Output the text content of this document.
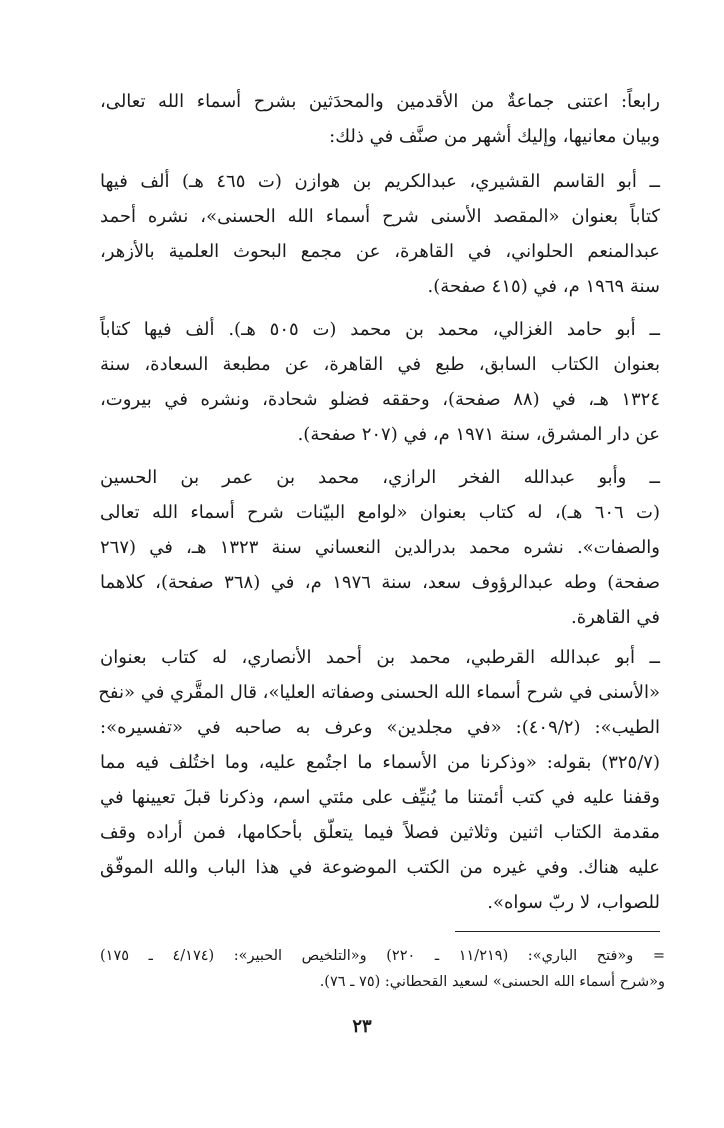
رابعاً: اعتنى جماعةٌ من الأقدمين والمحدَثين بشرح أسماء الله تعالى،
وبيان معانيها، وإليك أشهر من صنَّف في ذلك:
ــ أبو القاسم القشيري، عبدالكريم بن هوازن (ت ٤٦٥ هـ) ألف فيها
كتاباً بعنوان «المقصد الأسنى شرح أسماء الله الحسنى»، نشره أحمد
عبدالمنعم الحلواني، في القاهرة، عن مجمع البحوث العلمية بالأزهر،
سنة ١٩٦٩ م، في (٤١٥ صفحة).
ــ أبو حامد الغزالي، محمد بن محمد (ت ٥٠٥ هـ). ألف فيها كتاباً
بعنوان الكتاب السابق، طبع في القاهرة، عن مطبعة السعادة، سنة
١٣٢٤ هـ، في (٨٨ صفحة)، وحققه فضلو شحادة، ونشره في بيروت،
عن دار المشرق، سنة ١٩٧١ م، في (٢٠٧ صفحة).
ــ وأبو عبدالله الفخر الرازي، محمد بن عمر بن الحسين
(ت ٦٠٦ هـ)، له كتاب بعنوان «لوامع البيّنات شرح أسماء الله تعالى
والصفات». نشره محمد بدرالدين النعساني سنة ١٣٢٣ هـ، في (٢٦٧
صفحة) وطه عبدالرؤوف سعد، سنة ١٩٧٦ م، في (٣٦٨ صفحة)، كلاهما
في القاهرة.
ــ أبو عبدالله القرطبي، محمد بن أحمد الأنصاري، له كتاب بعنوان
«الأسنى في شرح أسماء الله الحسنى وصفاته العليا»، قال المقَّري في «نفح
الطيب»: (٤٠٩/٢): «في مجلدين» وعرف به صاحبه في «تفسيره»:
(٣٢٥/٧) بقوله: «وذكرنا من الأسماء ما اجتُمع عليه، وما اختُلف فيه مما
وقفنا عليه في كتب أئمتنا ما يُنيِّف على مئتي اسم، وذكرنا قبلَ تعيينها في
مقدمة الكتاب اثنين وثلاثين فصلاً فيما يتعلّق بأحكامها، فمن أراده وقف
عليه هناك. وفي غيره من الكتب الموضوعة في هذا الباب والله الموفّق
للصواب، لا ربّ سواه».
= و«فتح الباري»: (١١/٢١٩ ـ ٢٢٠) و«التلخيص الحبير»: (٤/١٧٤ ـ ١٧٥)
و«شرح أسماء الله الحسنى» لسعيد القحطاني: (٧٥ ـ ٧٦).
٢٣
